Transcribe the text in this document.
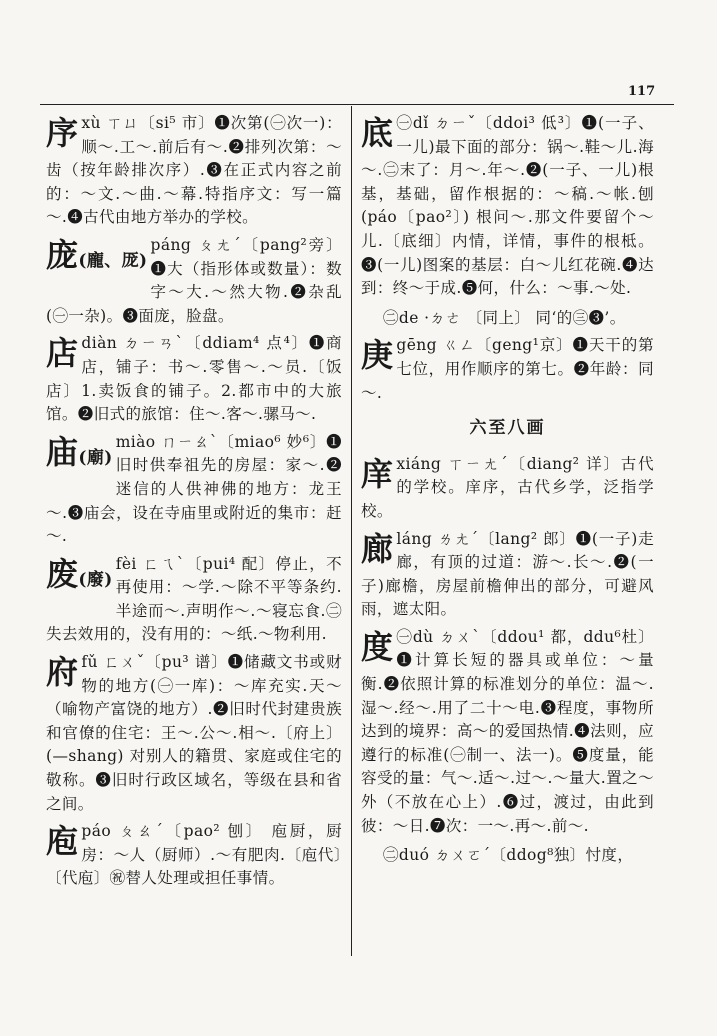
117
序xù ㄒㄩ〔si⁵ 市〕❶次第(㊀次一)：顺～.工～.前后有～.❷排列次第：～齿（按年龄排次序）.❸在正式内容之前的：～文.～曲.～幕.特指序文：写一篇～.❹古代由地方举办的学校。
庞(龐、厐)
páng ㄆㄤˊ〔pang²旁〕❶大（指形体或数量）：数字～大.～然大物.❷杂乱(㊀一杂)。❸面庞，脸盘。
店diàn ㄉㄧㄢˋ〔ddiam⁴ 点⁴〕❶商店，铺子：书～.零售～.～员.〔饭店〕1.卖饭食的铺子。2.都市中的大旅馆。❷旧式的旅馆：住～.客～.骡马～.
庙(廟)
miào ㄇㄧㄠˋ〔miao⁶ 妙⁶〕❶旧时供奉祖先的房屋：家～.❷迷信的人供神佛的地方：龙王～.❸庙会，设在寺庙里或附近的集市：赶～.
废(廢)
fèi ㄈㄟˋ〔pui⁴ 配〕停止，不再使用：～学.～除不平等条约.半途而～.声明作～.～寝忘食.㊁失去效用的，没有用的：～纸.～物利用.
府fǔ ㄈㄨˇ〔pu³ 谱〕❶储藏文书或财物的地方(㊀一库)：～库充实.天～（喻物产富饶的地方）.❷旧时代封建贵族和官僚的住宅：王～.公～.相～.〔府上〕(—shang) 对别人的籍贯、家庭或住宅的敬称。❸旧时行政区域名，等级在县和省之间。
庖páo ㄆㄠˊ〔pao² 刨〕 庖厨，厨房：～人（厨师）.～有肥肉.〔庖代〕〔代庖〕㊗替人处理或担任事情。
底 ㊀dǐ ㄉㄧˇ〔ddoi³ 低³〕❶(一子、一儿)最下面的部分：锅～.鞋～儿.海～.㊁末了：月～.年～.❷(一子、一儿)根基，基础，留作根据的：～稿.～帐.刨 (páo〔pao²〕) 根问～.那文件要留个～儿.〔底细〕内情，详情，事件的根柢。❸(一儿)图案的基层：白～儿红花碗.❹达到：终～于成.❺何，什么：～事.～处.
㊁de ·ㄉㄜ 〔同上〕 同‘的㊂❸’。
庚gēng ㄍㄥ〔geng¹京〕❶天干的第七位，用作顺序的第七。❷年龄：同～.
六至八画
庠xiáng ㄒㄧㄤˊ〔diang² 详〕古代的学校。庠序，古代乡学，泛指学校。
廊láng ㄌㄤˊ〔lang² 郎〕❶(一子)走廊，有顶的过道：游～.长～.❷(一子)廊檐，房屋前檐伸出的部分，可避风雨，遮太阳。
度 ㊀dù ㄉㄨˋ〔ddou¹ 都，ddu⁶杜〕❶计算长短的器具或单位：～量衡.❷依照计算的标准划分的单位：温～.湿～.经～.用了二十～电.❸程度，事物所达到的境界：高～的爱国热情.❹法则，应遵行的标准(㊀制一、法一)。❺度量，能容受的量：气～.适～.过～.～量大.置之～外（不放在心上）.❻过，渡过，由此到彼：～日.❼次：一～.再～.前～.
㊁duó ㄉㄨㄛˊ〔ddog⁸独〕忖度，
